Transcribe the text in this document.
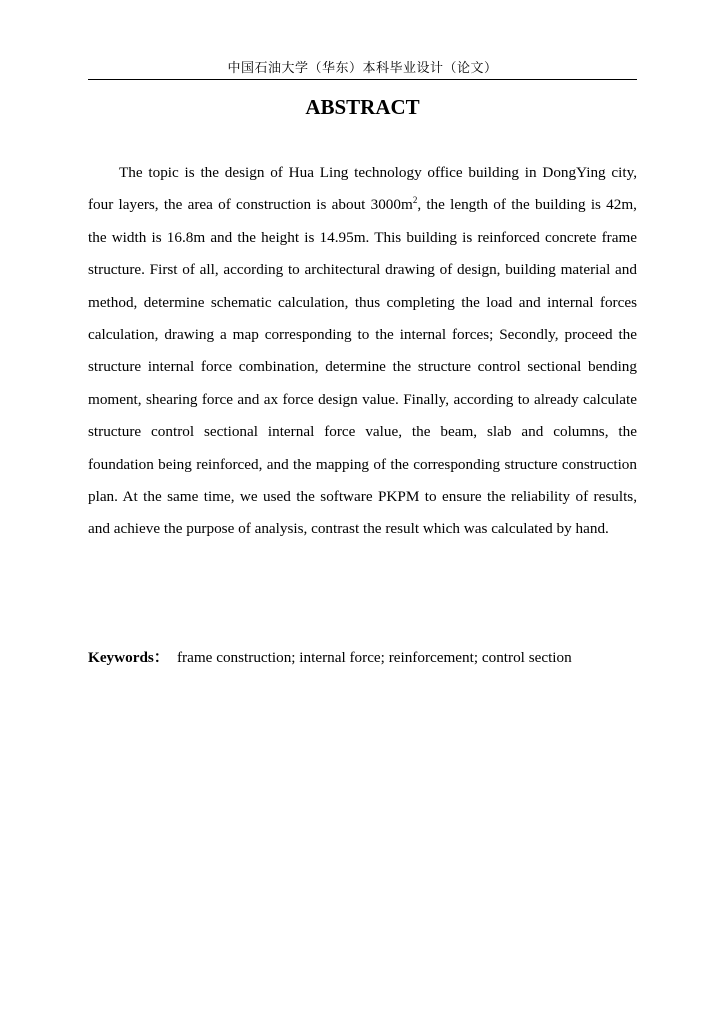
中国石油大学（华东）本科毕业设计（论文）
ABSTRACT

The topic is the design of Hua Ling technology office building in DongYing city, four layers, the area of construction is about $3000m^2$, the length of the building is 42m, the width is 16.8m and the height is 14.95m. This building is reinforced concrete frame structure. First of all, according to architectural drawing of design, building material and method, determine schematic calculation, thus completing the load and internal forces calculation, drawing a map corresponding to the internal forces; Secondly, proceed the structure internal force combination, determine the structure control sectional bending moment, shearing force and ax force design value. Finally, according to already calculate structure control sectional internal force value, the beam, slab and columns, the foundation being reinforced, and the mapping of the corresponding structure construction plan. At the same time, we used the software PKPM to ensure the reliability of results, and achieve the purpose of analysis, contrast the result which was calculated by hand.

Keywords： frame construction; internal force; reinforcement; control section
